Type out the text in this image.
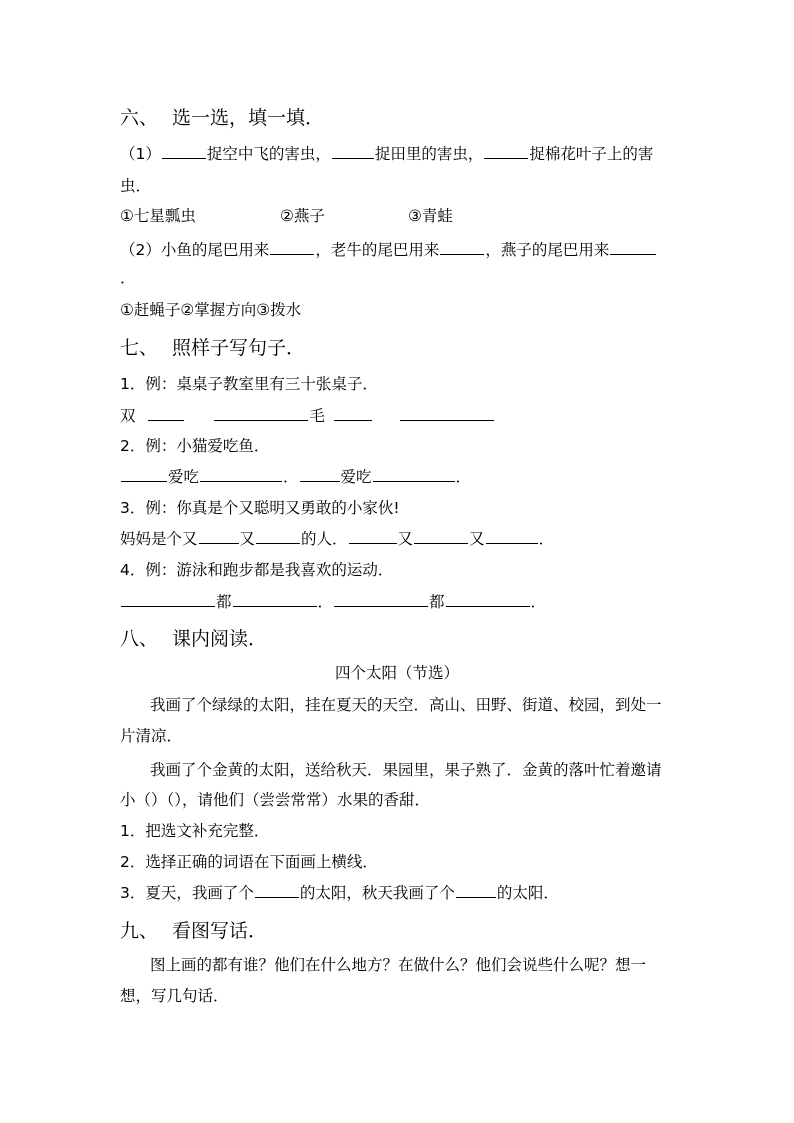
六、 选一选，填一填．
（1）	捉空中飞的害虫，	捉田里的害虫，	捉棉花叶子上的害
虫．
①七星瓢虫	②燕子	③青蛙
（2）小鱼的尾巴用来	，老牛的尾巴用来	，燕子的尾巴用来
．
①赶蝇子②掌握方向③拨水
七、 照样子写句子．
1．例：桌桌子教室里有三十张桌子．
双	毛
2．例：小猫爱吃鱼．
爱吃	．	爱吃	．
3．例：你真是个又聪明又勇敢的小家伙!
妈妈是个又	又	的人．	又	又	．
4．例：游泳和跑步都是我喜欢的运动．
都	．	都	．
八、 课内阅读．
四个太阳（节选）
我画了个绿绿的太阳，挂在夏天的天空．高山、田野、街道、校园，到处一
片清凉．
我画了个金黄的太阳，送给秋天．果园里，果子熟了．金黄的落叶忙着邀请
小（）（），请他们（尝尝常常）水果的香甜．
1．把选文补充完整．
2．选择正确的词语在下面画上横线．
3．夏天，我画了个	的太阳，秋天我画了个	的太阳．
九、 看图写话．
图上画的都有谁？他们在什么地方？在做什么？他们会说些什么呢？想一
想，写几句话．
